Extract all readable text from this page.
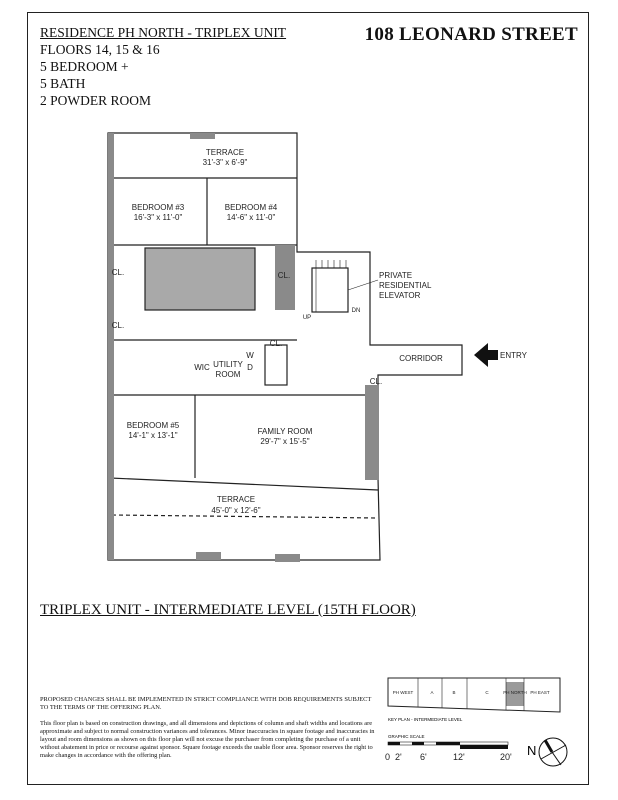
RESIDENCE PH NORTH - TRIPLEX UNIT
FLOORS 14, 15 & 16
5 BEDROOM +
5 BATH
2 POWDER ROOM
108 LEONARD STREET
TERRACE
31'-3" x 6'-9"
BEDROOM #3
16'-3" x 11'-0"
BEDROOM #4
14'-6" x 11'-0"
CL.	CL.
CL.
CL.
CL.
WIC UTILITY
ROOM
W
D
BEDROOM #5
14'-1" x 13'-1"	FAMILY ROOM
29'-7" x 15'-5"
TERRACE
45'-0" x 12'-6"
CORRIDOR
UP
DN
PRIVATE
RESIDENTIAL
ELEVATOR
ENTRY
PH WEST	A	B	C	PH NORTH PH EAST
KEY PLAN - INTERMEDIATE LEVEL
GRAPHIC SCALE
0 2' 6'	12'	20' N
TRIPLEX UNIT - INTERMEDIATE LEVEL (15TH FLOOR)

PROPOSED CHANGES SHALL BE IMPLEMENTED IN STRICT COMPLIANCE WITH DOB REQUIREMENTS SUBJECT TO THE TERMS OF THE OFFERING PLAN.

This floor plan is based on construction drawings, and all dimensions and depictions of column and shaft widths and locations are approximate and subject to normal construction variances and tolerances. Minor inaccuracies in square footage and inaccuracies in layout and room dimensions as shown on this floor plan will not excuse the purchaser from completing the purchase of a unit without abatement in price or recourse against sponsor. Square footage exceeds the usable floor area. Sponsor reserves the right to make changes in accordance with the offering plan.
